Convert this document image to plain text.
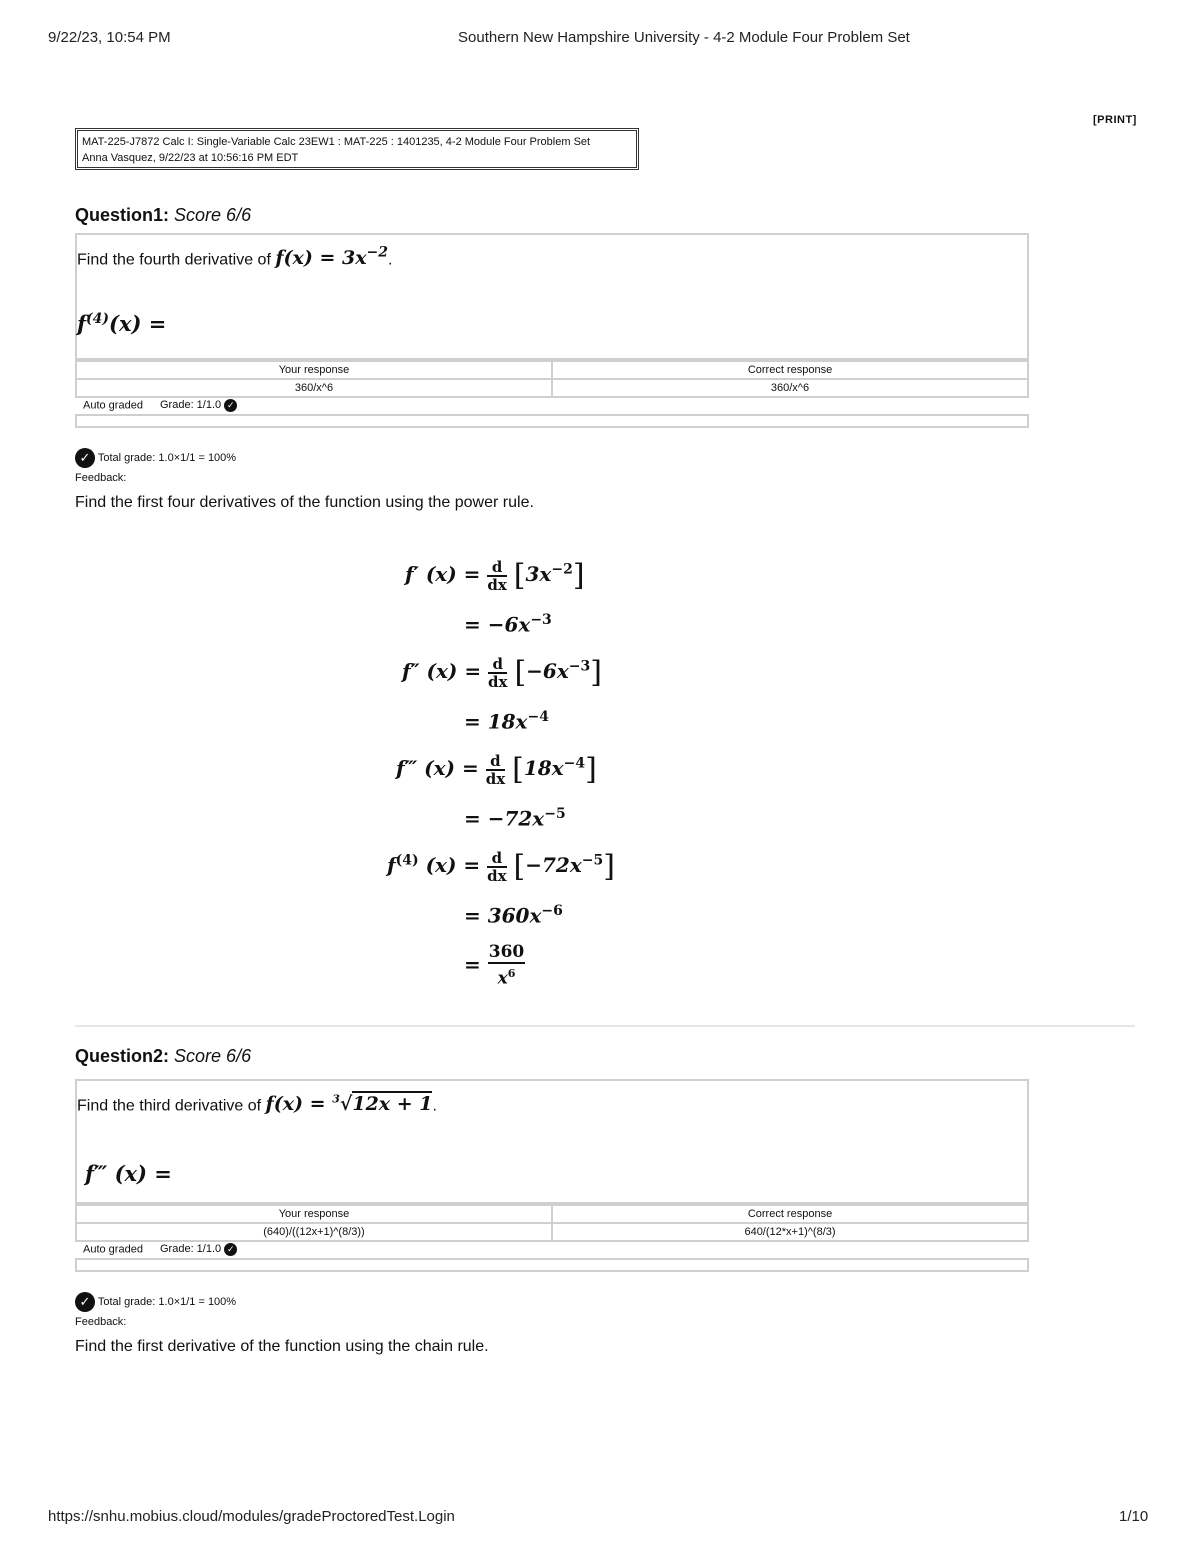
9/22/23, 10:54 PM	Southern New Hampshire University - 4-2 Module Four Problem Set
[PRINT]
MAT-225-J7872 Calc I: Single-Variable Calc 23EW1 : MAT-225 : 1401235, 4-2 Module Four Problem Set
Anna Vasquez, 9/22/23 at 10:56:16 PM EDT
Question1: Score 6/6
Find the fourth derivative of $f(x) = 3x^{-2}$.
$f^{(4)}(x)$ =
Your response	Correct response
360/x^6	360/x^6
Auto graded Grade: 1/1.0 ✓
✓ Total grade: 1.0×1/1 = 100%
Feedback:
Find the first four derivatives of the function using the power rule.
f′ $(x) = \frac{d}{dx} [3x^{-2}]$
= $-6x^{-3}$
f″ $(x) = \frac{d}{dx} [-6x^{-3}]$
= $18x^{-4}$
f‴ $(x) = \frac{d}{dx} [18x^{-4}]$
= $-72x^{-5}$
$f^{(4)}$ $(x) = \frac{d}{dx} [-72x^{-5}]$
= $360x^{-6}$
= $\frac{360}{x^6}$
Question2: Score 6/6
Find the third derivative of f(x) = $^3$√12x + 1.
f‴ (x) =
Your response	Correct response
(640)/((12x+1)^(8/3))	640/(12*x+1)^(8/3)
Auto graded Grade: 1/1.0 ✓
✓ Total grade: 1.0×1/1 = 100%
Feedback:
Find the first derivative of the function using the chain rule.
https://snhu.mobius.cloud/modules/gradeProctoredTest.Login	1/10
